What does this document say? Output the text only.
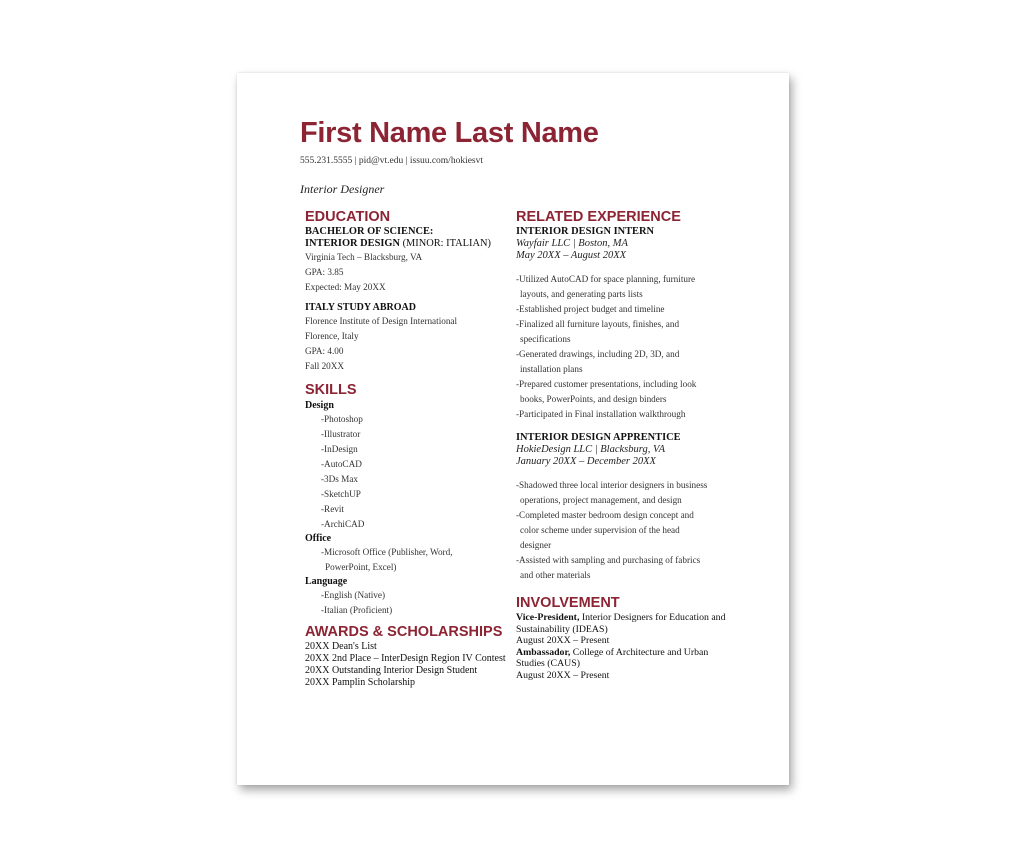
First Name Last Name
555.231.5555 | pid@vt.edu | issuu.com/hokiesvt
Interior Designer
EDUCATION
BACHELOR OF SCIENCE:
INTERIOR DESIGN (MINOR: ITALIAN)
Virginia Tech – Blacksburg, VA
GPA: 3.85
Expected: May 20XX
ITALY STUDY ABROAD
Florence Institute of Design International
Florence, Italy
GPA: 4.00
Fall 20XX
SKILLS
Design
-Photoshop
-Illustrator
-InDesign
-AutoCAD
-3Ds Max
-SketchUP
-Revit
-ArchiCAD
Office
-Microsoft Office (Publisher, Word,
PowerPoint, Excel)
Language
-English (Native)
-Italian (Proficient)
AWARDS & SCHOLARSHIPS
20XX Dean's List
20XX 2nd Place – InterDesign Region IV Contest
20XX Outstanding Interior Design Student
20XX Pamplin Scholarship
RELATED EXPERIENCE
INTERIOR DESIGN INTERN
Wayfair LLC | Boston, MA
May 20XX – August 20XX
-Utilized AutoCAD for space planning, furniture
layouts, and generating parts lists
-Established project budget and timeline
-Finalized all furniture layouts, finishes, and
specifications
-Generated drawings, including 2D, 3D, and
installation plans
-Prepared customer presentations, including look
books, PowerPoints, and design binders
-Participated in Final installation walkthrough
INTERIOR DESIGN APPRENTICE
HokieDesign LLC | Blacksburg, VA
January 20XX – December 20XX
-Shadowed three local interior designers in business
operations, project management, and design
-Completed master bedroom design concept and
color scheme under supervision of the head
designer
-Assisted with sampling and purchasing of fabrics
and other materials
INVOLVEMENT
Vice-President, Interior Designers for Education and Sustainability (IDEAS)
August 20XX – Present
Ambassador, College of Architecture and Urban Studies (CAUS)
August 20XX – Present
